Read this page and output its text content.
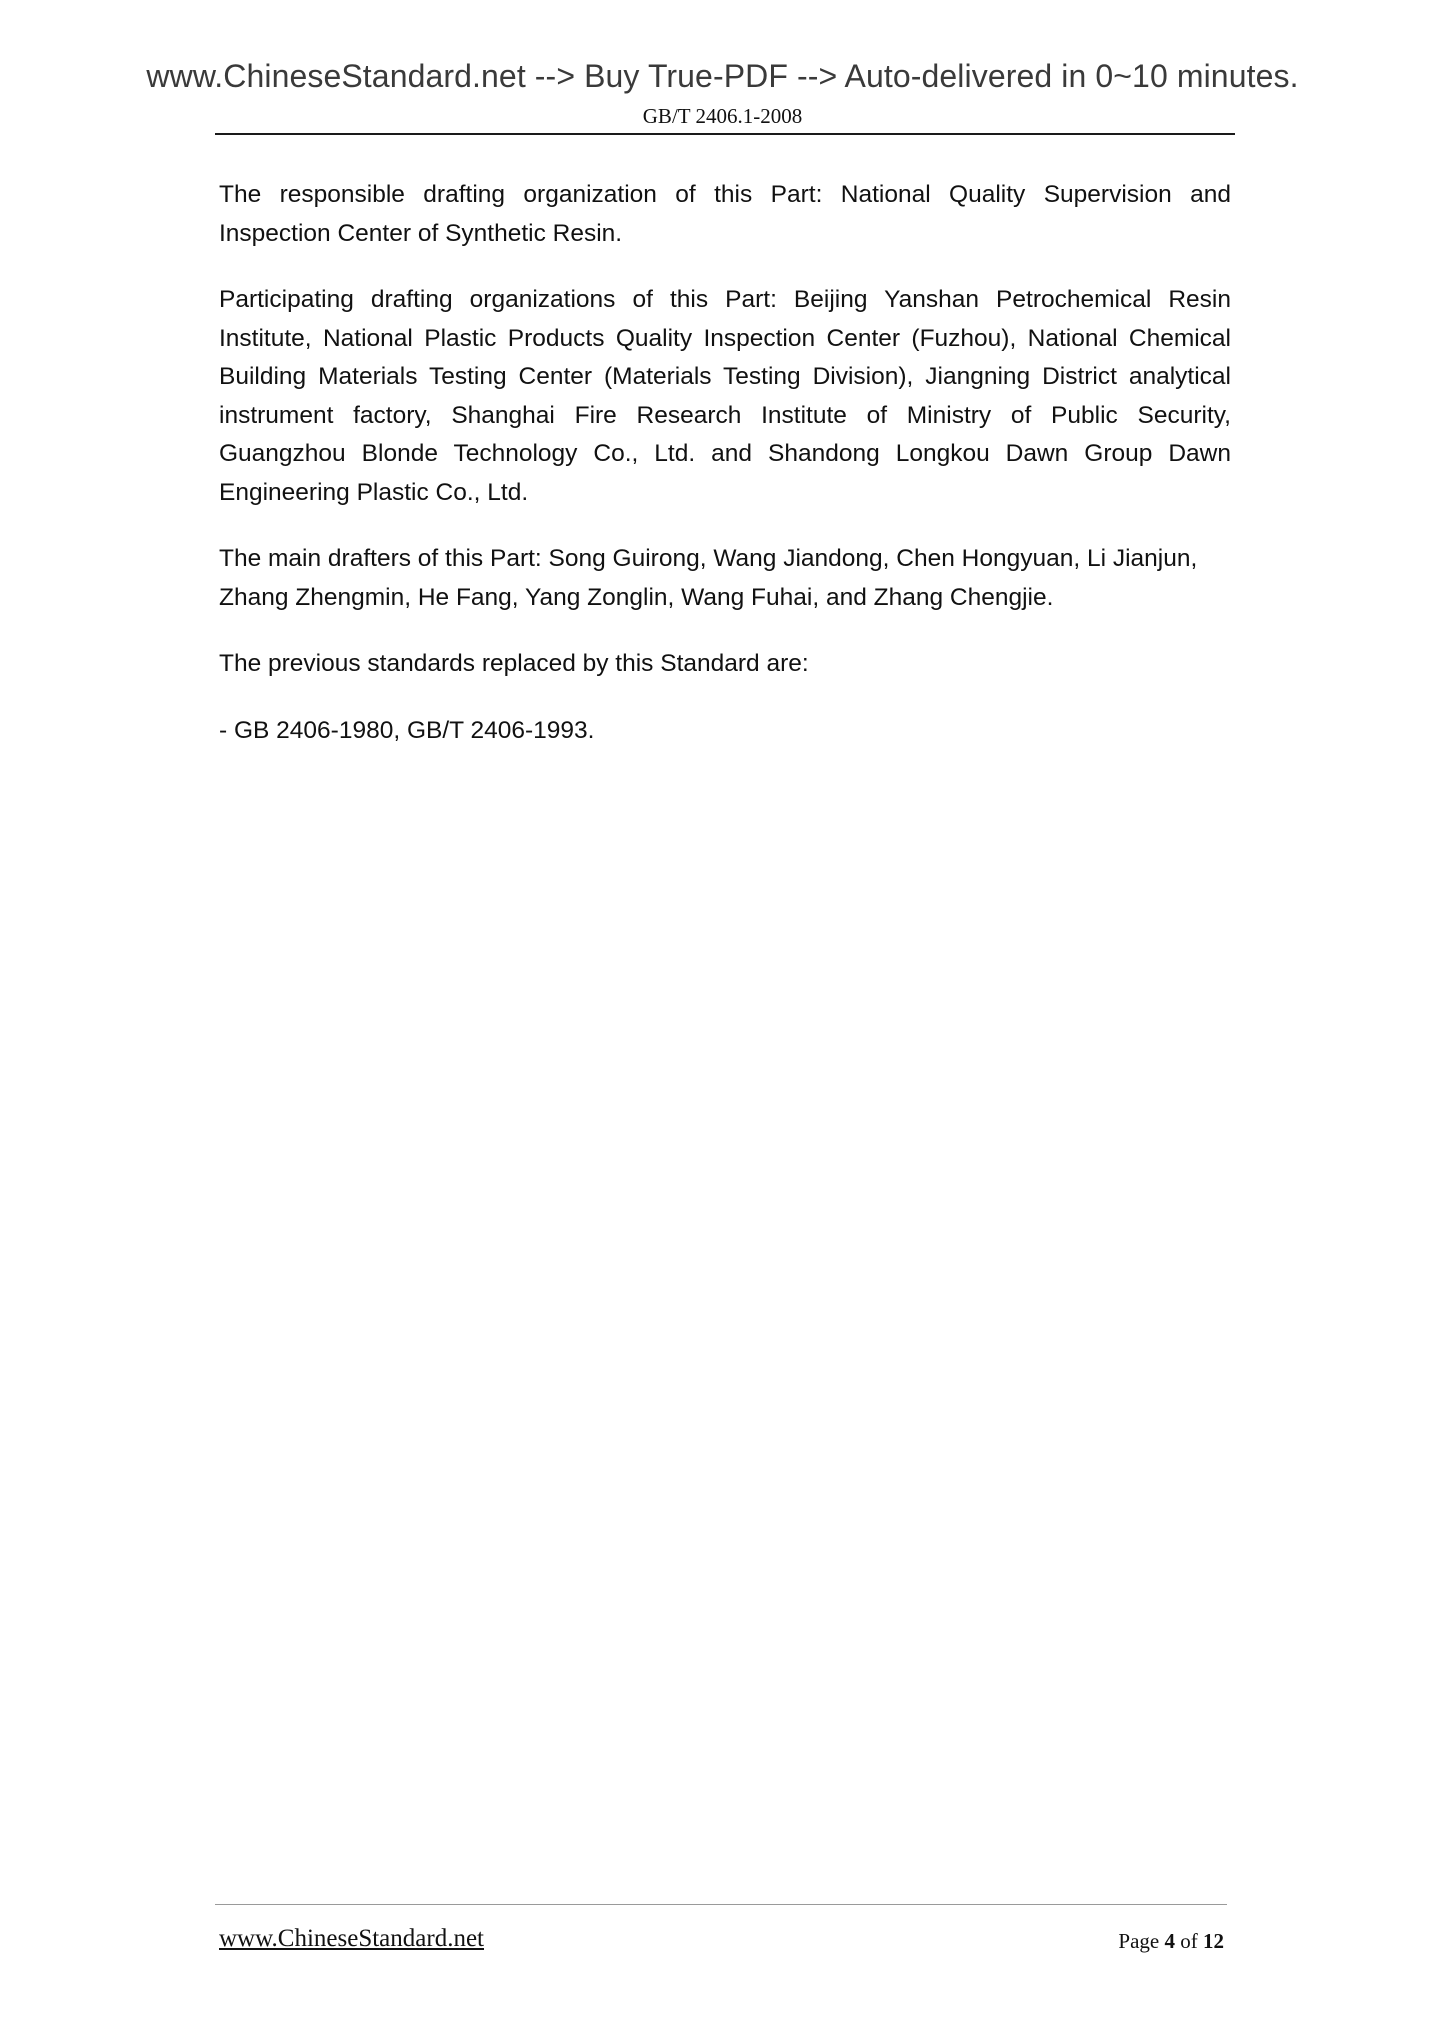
www.ChineseStandard.net --> Buy True-PDF --> Auto-delivered in 0~10 minutes.
GB/T 2406.1-2008

The responsible drafting organization of this Part: National Quality Supervision and Inspection Center of Synthetic Resin.

Participating drafting organizations of this Part: Beijing Yanshan Petrochemical Resin Institute, National Plastic Products Quality Inspection Center (Fuzhou), National Chemical Building Materials Testing Center (Materials Testing Division), Jiangning District analytical instrument factory, Shanghai Fire Research Institute of Ministry of Public Security, Guangzhou Blonde Technology Co., Ltd. and Shandong Longkou Dawn Group Dawn Engineering Plastic Co., Ltd.

The main drafters of this Part: Song Guirong, Wang Jiandong, Chen Hongyuan, Li Jianjun, Zhang Zhengmin, He Fang, Yang Zonglin, Wang Fuhai, and Zhang Chengjie.

The previous standards replaced by this Standard are:

- GB 2406-1980, GB/T 2406-1993.

www.ChineseStandard.net	Page 4 of 12
